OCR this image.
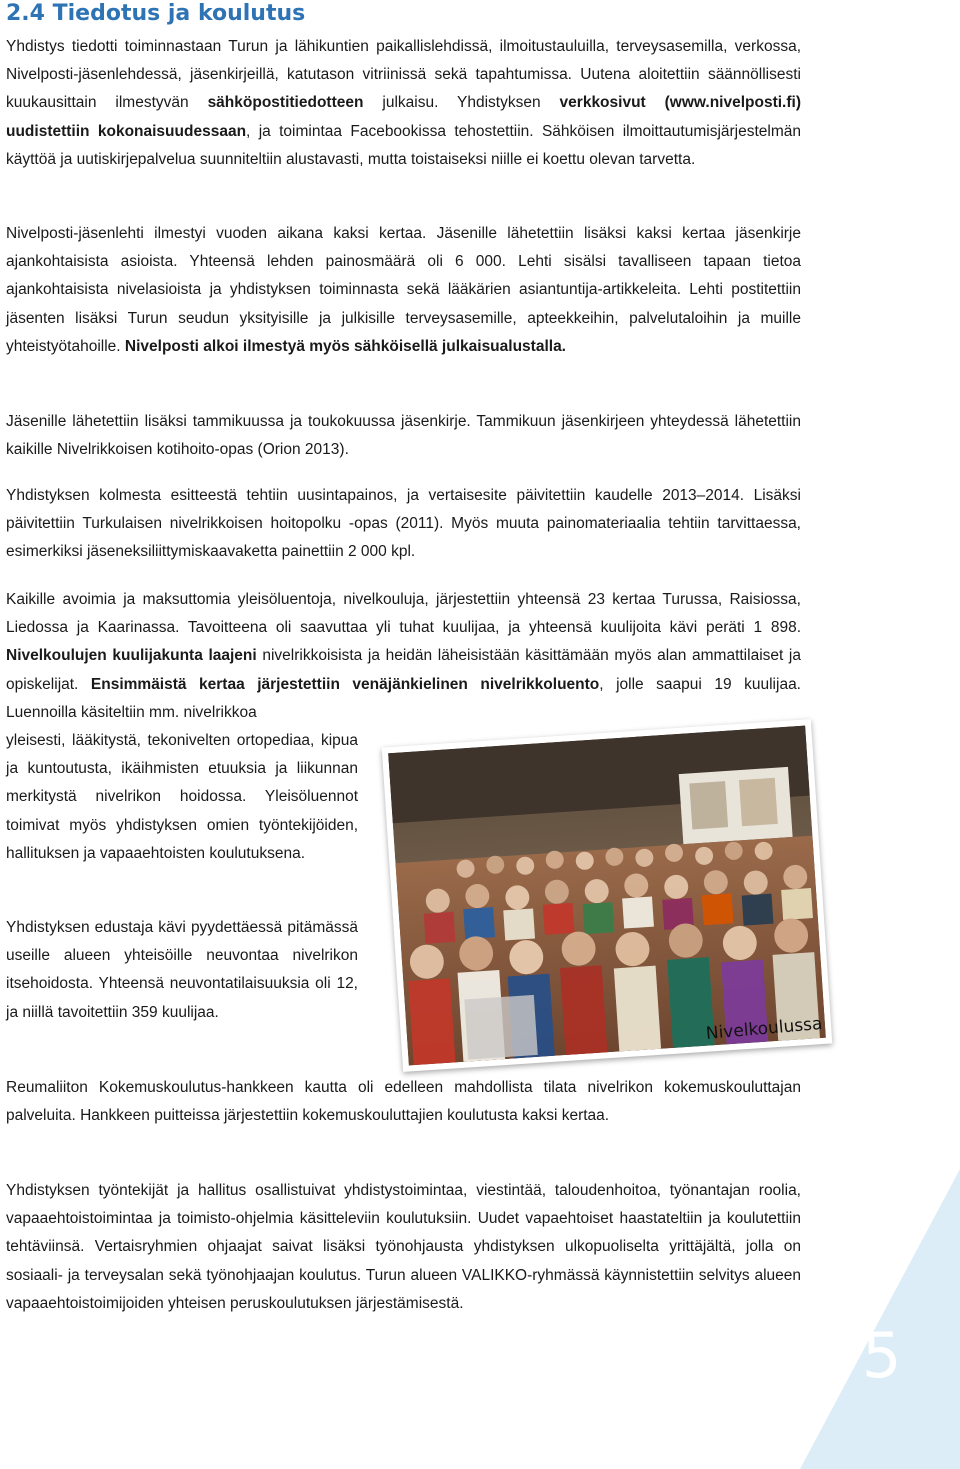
2.4 Tiedotus ja koulutus

Yhdistys tiedotti toiminnastaan Turun ja lähikuntien paikallislehdissä, ilmoitustauluilla, terveysasemilla, verkossa, Nivelposti-jäsenlehdessä, jäsenkirjeillä, katutason vitriinissä sekä tapahtumissa. Uutena aloitettiin säännöllisesti kuukausittain ilmestyvän sähköpostitiedotteen julkaisu. Yhdistyksen verkkosivut (www.nivelposti.fi) uudistettiin kokonaisuudessaan, ja toimintaa Facebookissa tehostettiin. Sähköisen ilmoittautumisjärjestelmän käyttöä ja uutiskirjepalvelua suunniteltiin alustavasti, mutta toistaiseksi niille ei koettu olevan tarvetta.

Nivelposti-jäsenlehti ilmestyi vuoden aikana kaksi kertaa. Jäsenille lähetettiin lisäksi kaksi kertaa jäsenkirje ajankohtaisista asioista. Yhteensä lehden painosmäärä oli 6 000. Lehti sisälsi tavalliseen tapaan tietoa ajankohtaisista nivelasioista ja yhdistyksen toiminnasta sekä lääkärien asiantuntija-artikkeleita. Lehti postitettiin jäsenten lisäksi Turun seudun yksityisille ja julkisille terveysasemille, apteekkeihin, palvelutaloihin ja muille yhteistyötahoille. Nivelposti alkoi ilmestyä myös sähköisellä julkaisualustalla.

Jäsenille lähetettiin lisäksi tammikuussa ja toukokuussa jäsenkirje. Tammikuun jäsenkirjeen yhteydessä lähetettiin kaikille Nivelrikkoisen kotihoito-opas (Orion 2013).

Yhdistyksen kolmesta esitteestä tehtiin uusintapainos, ja vertaisesite päivitettiin kaudelle 2013–2014. Lisäksi päivitettiin Turkulaisen nivelrikkoisen hoitopolku -opas (2011). Myös muuta painomateriaalia tehtiin tarvittaessa, esimerkiksi jäseneksiliittymiskaavaketta painettiin 2 000 kpl.

Kaikille avoimia ja maksuttomia yleisöluentoja, nivelkouluja, järjestettiin yhteensä 23 kertaa Turussa, Raisiossa, Liedossa ja Kaarinassa. Tavoitteena oli saavuttaa yli tuhat kuulijaa, ja yhteensä kuulijoita kävi peräti 1 898. Nivelkoulujen kuulijakunta laajeni nivelrikkoisista ja heidän läheisistään käsittämään myös alan ammattilaiset ja opiskelijat. Ensimmäistä kertaa järjestettiin venäjänkielinen nivelrikkoluento, jolle saapui 19 kuulijaa. Luennoilla käsiteltiin mm. nivelrikkoa

yleisesti, lääkitystä, tekonivelten ortopediaa, kipua ja kuntoutusta, ikäihmisten etuuksia ja liikunnan merkitystä nivelrikon hoidossa. Yleisöluennot toimivat myös yhdistyksen omien työntekijöiden, hallituksen ja vapaaehtoisten koulutuksena.

Yhdistyksen edustaja kävi pyydettäessä pitämässä useille alueen yhteisöille neuvontaa nivelrikon itsehoidosta. Yhteensä neuvontatilaisuuksia oli 12, ja niillä tavoitettiin 359 kuulijaa.

Nivelkoulussa

Reumaliiton Kokemuskoulutus-hankkeen kautta oli edelleen mahdollista tilata nivelrikon kokemuskouluttajan palveluita. Hankkeen puitteissa järjestettiin kokemuskouluttajien koulutusta kaksi kertaa.

Yhdistyksen työntekijät ja hallitus osallistuivat yhdistystoimintaa, viestintää, taloudenhoitoa, työnantajan roolia, vapaaehtoistoimintaa ja toimisto-ohjelmia käsitteleviin koulutuksiin. Uudet vapaehtoiset haastateltiin ja koulutettiin tehtäviinsä. Vertaisryhmien ohjaajat saivat lisäksi työnohjausta yhdistyksen ulkopuoliselta yrittäjältä, jolla on sosiaali- ja terveysalan sekä työnohjaajan koulutus. Turun alueen VALIKKO-ryhmässä käynnistettiin selvitys alueen vapaaehtoistoimijoiden yhteisen peruskoulutuksen järjestämisestä.

5
